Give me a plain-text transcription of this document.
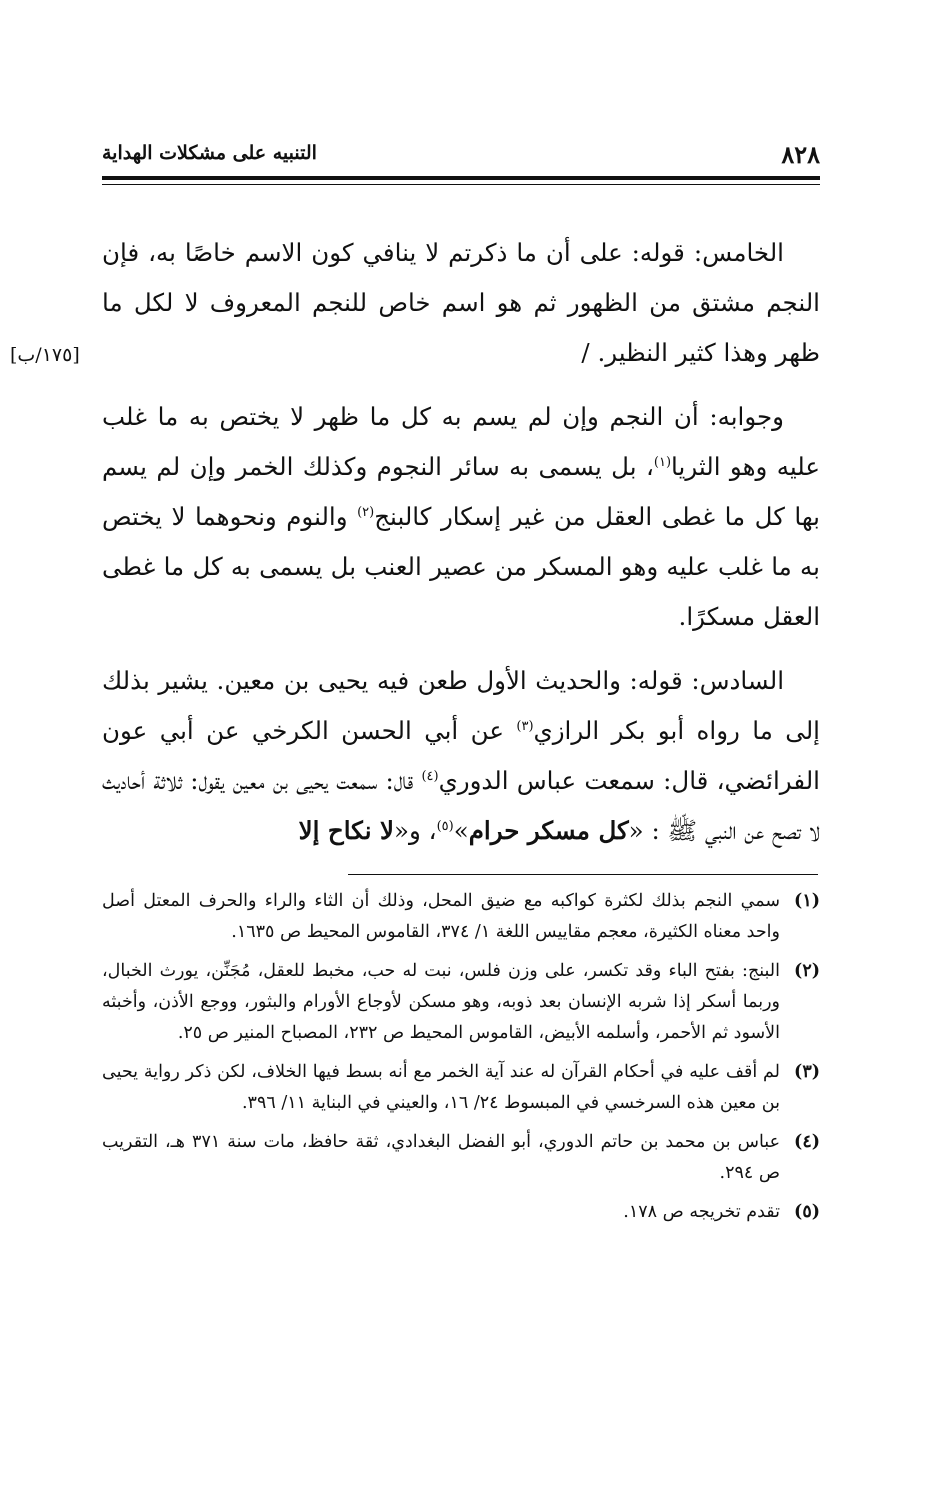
٨٢٨
التنبيه على مشكلات الهداية
[١٧٥/ب]

الخامس: قوله: على أن ما ذكرتم لا ينافي كون الاسم خاصًا به، فإن النجم مشتق من الظهور ثم هو اسم خاص للنجم المعروف لا لكل ما ظهر وهذا كثير النظير. /

وجوابه: أن النجم وإن لم يسم به كل ما ظهر لا يختص به ما غلب عليه وهو الثريا$^{(١)}$، بل يسمى به سائر النجوم وكذلك الخمر وإن لم يسم بها كل ما غطى العقل من غير إسكار كالبنج$^{(٢)}$ والنوم ونحوهما لا يختص به ما غلب عليه وهو المسكر من عصير العنب بل يسمى به كل ما غطى العقل مسكرًا.

السادس: قوله: والحديث الأول طعن فيه يحيى بن معين. يشير بذلك إلى ما رواه أبو بكر الرازي$^{(٣)}$ عن أبي الحسن الكرخي عن أبي عون الفرائضي، قال: سمعت عباس الدوري$^{(٤)}$ قال: سمعت يحيى بن معين يقول: ثلاثة أحاديث لا تصح عن النبي ﷺ : «كل مسكر حرام»$^{(٥)}$، و«لا نكاح إلا

(١)
سمي النجم بذلك لكثرة كواكبه مع ضيق المحل، وذلك أن الثاء والراء والحرف المعتل أصل واحد معناه الكثيرة، معجم مقاييس اللغة ١/ ٣٧٤، القاموس المحيط ص ١٦٣٥.
(٢)
البنج: بفتح الباء وقد تكسر، على وزن فلس، نبت له حب، مخبط للعقل، مُجَنِّن، يورث الخبال، وربما أسكر إذا شربه الإنسان بعد ذوبه، وهو مسكن لأوجاع الأورام والبثور، ووجع الأذن، وأخبثه الأسود ثم الأحمر، وأسلمه الأبيض، القاموس المحيط ص ٢٣٢، المصباح المنير ص ٢٥.
(٣)
لم أقف عليه في أحكام القرآن له عند آية الخمر مع أنه بسط فيها الخلاف، لكن ذكر رواية يحيى بن معين هذه السرخسي في المبسوط ٢٤/ ١٦، والعيني في البناية ١١/ ٣٩٦.
(٤)
عباس بن محمد بن حاتم الدوري، أبو الفضل البغدادي، ثقة حافظ، مات سنة ٣٧١ هـ، التقريب ص ٢٩٤.
(٥)
تقدم تخريجه ص ١٧٨.
